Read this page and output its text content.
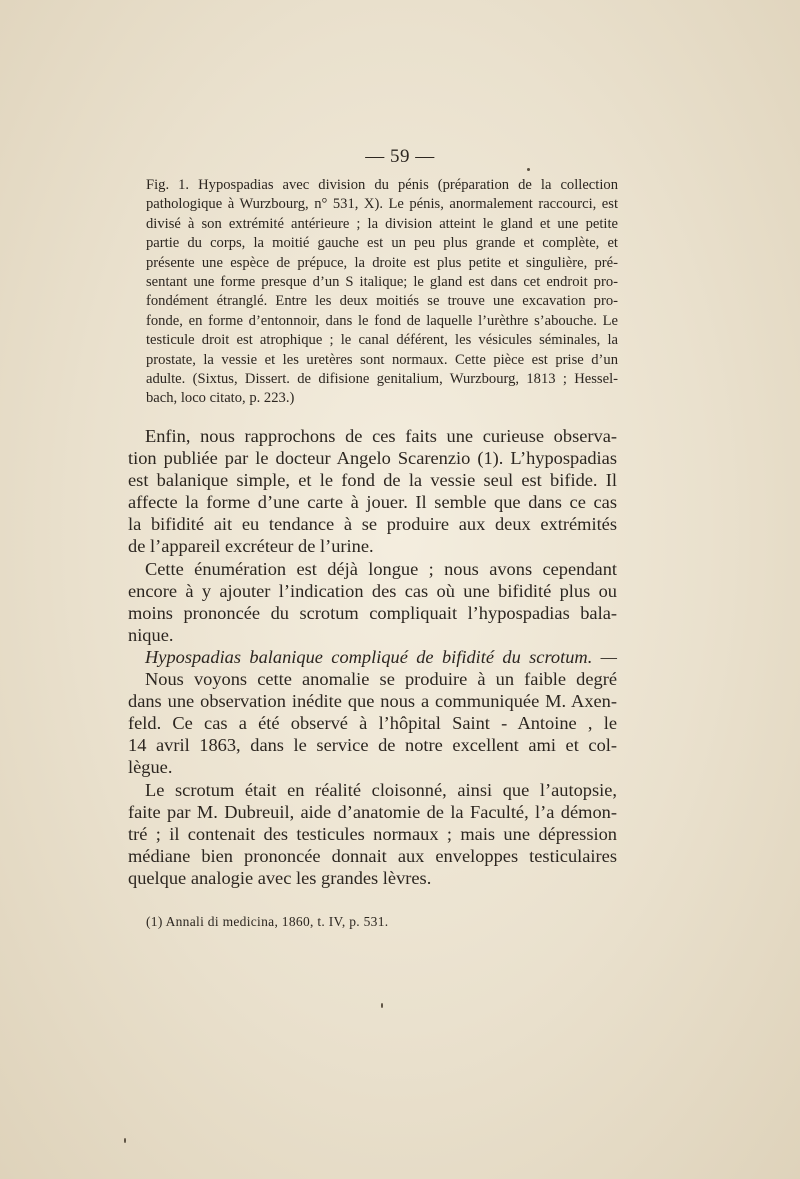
— 59 —
Fig. 1. Hypospadias avec division du pénis (préparation de la collection
pathologique à Wurzbourg, n° 531, X). Le pénis, anormalement raccourci, est
divisé à son extrémité antérieure ; la division atteint le gland et une petite
partie du corps, la moitié gauche est un peu plus grande et complète, et
présente une espèce de prépuce, la droite est plus petite et singulière, pré-
sentant une forme presque d’un S italique; le gland est dans cet endroit pro-
fondément étranglé. Entre les deux moitiés se trouve une excavation pro-
fonde, en forme d’entonnoir, dans le fond de laquelle l’urèthre s’abouche. Le
testicule droit est atrophique ; le canal déférent, les vésicules séminales, la
prostate, la vessie et les uretères sont normaux. Cette pièce est prise d’un
adulte. (Sixtus, Dissert. de difisione genitalium, Wurzbourg, 1813 ; Hessel-
bach, loco citato, p. 223.)
Enfin, nous rapprochons de ces faits une curieuse observa-
tion publiée par le docteur Angelo Scarenzio (1). L’hypospadias
est balanique simple, et le fond de la vessie seul est bifide. Il
affecte la forme d’une carte à jouer. Il semble que dans ce cas
la bifidité ait eu tendance à se produire aux deux extrémités
de l’appareil excréteur de l’urine.
Cette énumération est déjà longue ; nous avons cependant
encore à y ajouter l’indication des cas où une bifidité plus ou
moins prononcée du scrotum compliquait l’hypospadias bala-
nique.
Hypospadias balanique compliqué de bifidité du scrotum. —
Nous voyons cette anomalie se produire à un faible degré
dans une observation inédite que nous a communiquée M. Axen-
feld. Ce cas a été observé à l’hôpital Saint - Antoine , le
14 avril 1863, dans le service de notre excellent ami et col-
lègue.
Le scrotum était en réalité cloisonné, ainsi que l’autopsie,
faite par M. Dubreuil, aide d’anatomie de la Faculté, l’a démon-
tré ; il contenait des testicules normaux ; mais une dépression
médiane bien prononcée donnait aux enveloppes testiculaires
quelque analogie avec les grandes lèvres.
(1) Annali di medicina, 1860, t. IV, p. 531.
